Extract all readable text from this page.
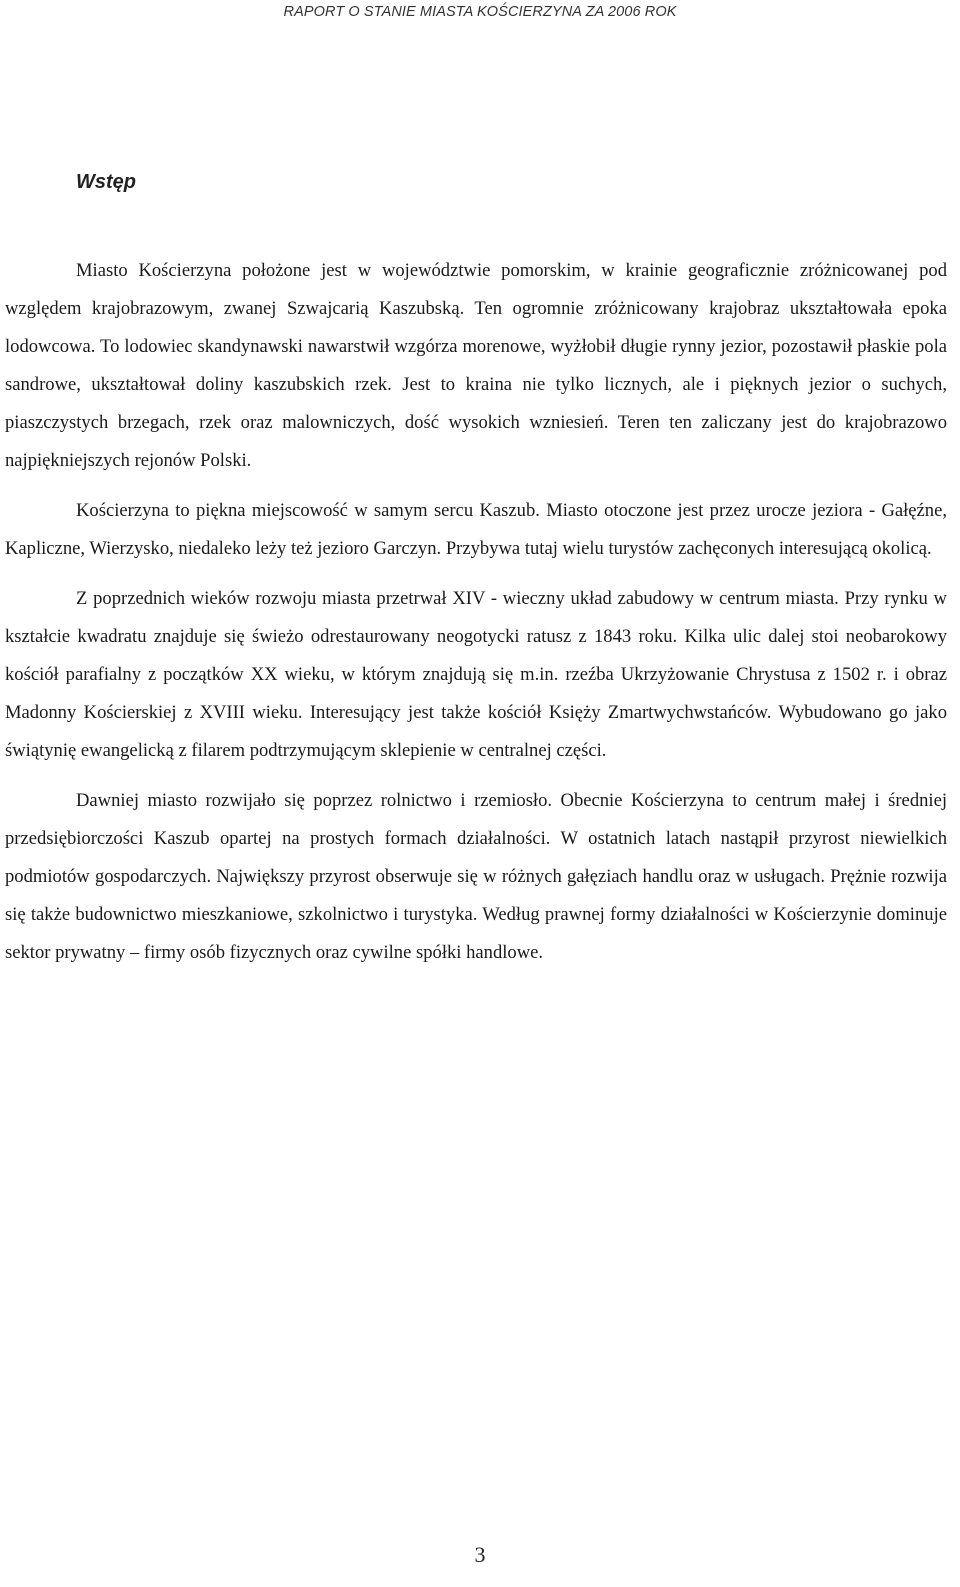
RAPORT O STANIE MIASTA KOŚCIERZYNA ZA 2006 ROK
Wstęp

Miasto Kościerzyna położone jest w województwie pomorskim, w krainie geograficznie zróżnicowanej pod względem krajobrazowym, zwanej Szwajcarią Kaszubską. Ten ogromnie zróżnicowany krajobraz ukształtowała epoka lodowcowa. To lodowiec skandynawski nawarstwił wzgórza morenowe, wyżłobił długie rynny jezior, pozostawił płaskie pola sandrowe, ukształtował doliny kaszubskich rzek. Jest to kraina nie tylko licznych, ale i pięknych jezior o suchych, piaszczystych brzegach, rzek oraz malowniczych, dość wysokich wzniesień. Teren ten zaliczany jest do krajobrazowo najpiękniejszych rejonów Polski.

Kościerzyna to piękna miejscowość w samym sercu Kaszub. Miasto otoczone jest przez urocze jeziora - Gałęźne, Kapliczne, Wierzysko, niedaleko leży też jezioro Garczyn. Przybywa tutaj wielu turystów zachęconych interesującą okolicą.

Z poprzednich wieków rozwoju miasta przetrwał XIV - wieczny układ zabudowy w centrum miasta. Przy rynku w kształcie kwadratu znajduje się świeżo odrestaurowany neogotycki ratusz z 1843 roku. Kilka ulic dalej stoi neobarokowy kościół parafialny z początków XX wieku, w którym znajdują się m.in. rzeźba Ukrzyżowanie Chrystusa z 1502 r. i obraz Madonny Kościerskiej z XVIII wieku. Interesujący jest także kościół Księży Zmartwychwstańców. Wybudowano go jako świątynię ewangelicką z filarem podtrzymującym sklepienie w centralnej części.

Dawniej miasto rozwijało się poprzez rolnictwo i rzemiosło. Obecnie Kościerzyna to centrum małej i średniej przedsiębiorczości Kaszub opartej na prostych formach działalności. W ostatnich latach nastąpił przyrost niewielkich podmiotów gospodarczych. Największy przyrost obserwuje się w różnych gałęziach handlu oraz w usługach. Prężnie rozwija się także budownictwo mieszkaniowe, szkolnictwo i turystyka. Według prawnej formy działalności w Kościerzynie dominuje sektor prywatny – firmy osób fizycznych oraz cywilne spółki handlowe.

3
